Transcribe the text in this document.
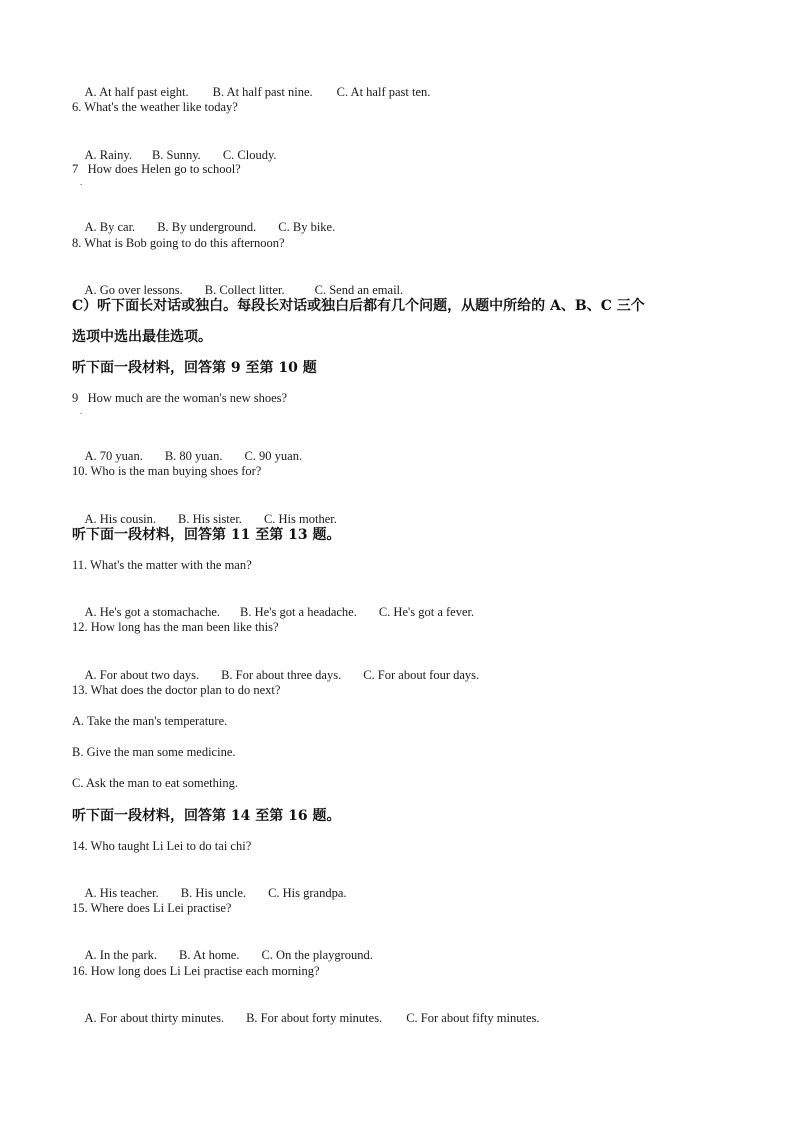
A. At half past eight. B. At half past nine. C. At half past ten.

6. What's the weather like today?

A. Rainy. B. Sunny. C. Cloudy.

7   How does Helen go to school?
.

A. By car. B. By underground. C. By bike.

8. What is Bob going to do this afternoon?

A. Go over lessons. B. Collect litter. C. Send an email.

C）听下面长对话或独白。每段长对话或独白后都有几个问题，从题中所给的 A、B、C 三个
选项中选出最佳选项。
听下面一段材料，回答第 9 至第 10 题
9   How much are the woman's new shoes?
.

A. 70 yuan. B. 80 yuan. C. 90 yuan.

10. Who is the man buying shoes for?

A. His cousin. B. His sister. C. His mother.

听下面一段材料，回答第 11 至第 13 题。
11. What's the matter with the man?

A. He's got a stomachache. B. He's got a headache. C. He's got a fever.

12. How long has the man been like this?

A. For about two days. B. For about three days. C. For about four days.

13. What does the doctor plan to do next?
A. Take the man's temperature.
B. Give the man some medicine.
C. Ask the man to eat something.
听下面一段材料，回答第 14 至第 16 题。
14. Who taught Li Lei to do tai chi?

A. His teacher. B. His uncle. C. His grandpa.

15. Where does Li Lei practise?

A. In the park. B. At home. C. On the playground.

16. How long does Li Lei practise each morning?

A. For about thirty minutes. B. For about forty minutes. C. For about fifty minutes.
